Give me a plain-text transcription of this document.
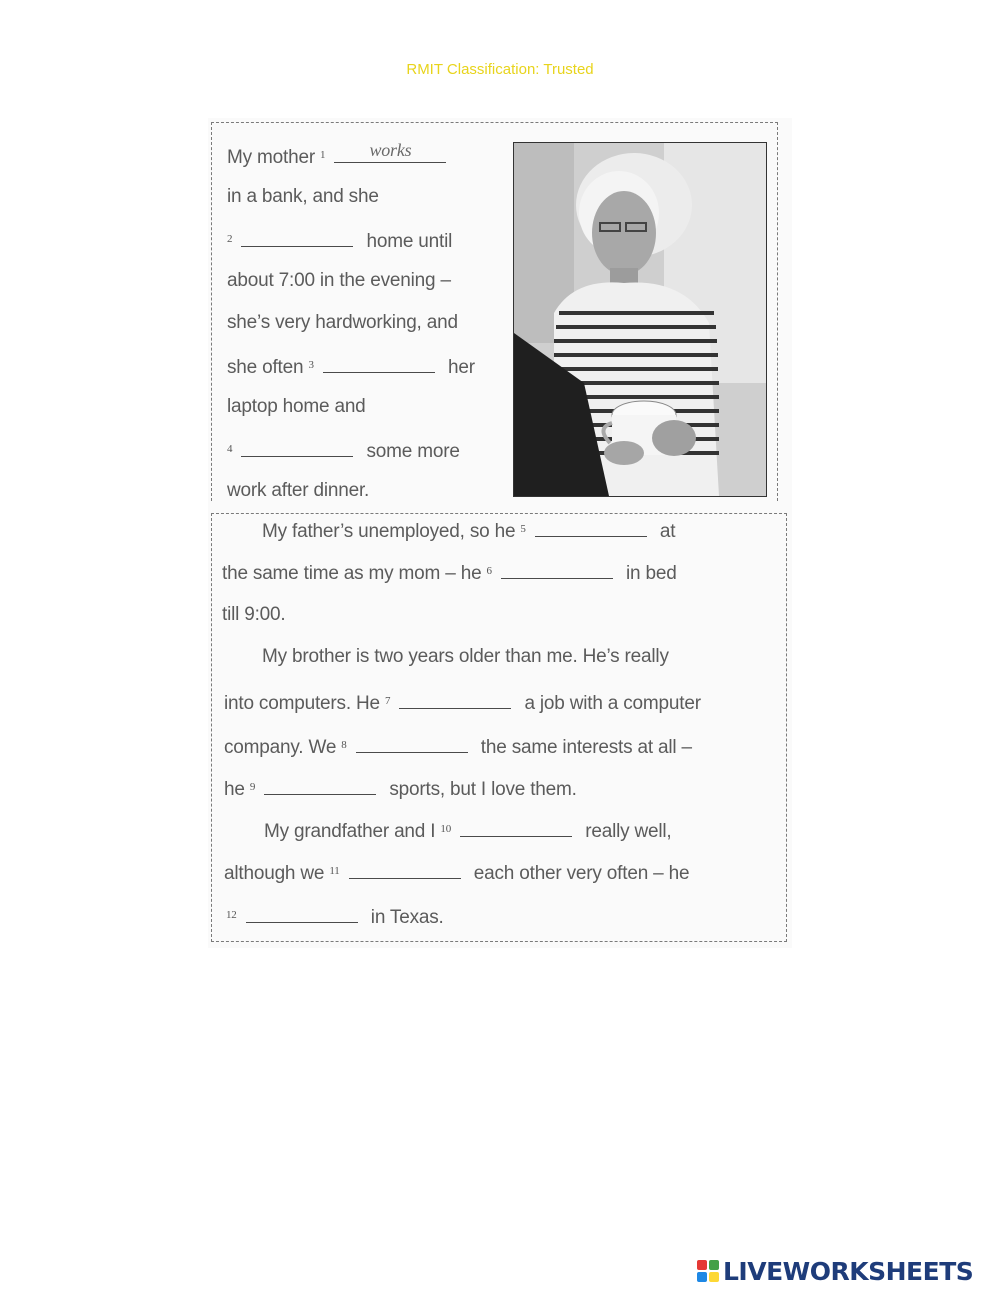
RMIT Classification: Trusted
My mother $^1$	works
in a bank, and she
$^2$	home until
about 7:00 in the evening –
she’s very hardworking, and
she often $^3$	her
laptop home and
$^4$	some more
work after dinner.
My father’s unemployed, so he $^5$	at
the same time as my mom – he $^6$	in bed
till 9:00.
My brother is two years older than me. He’s really
into computers. He $^7$	a job with a computer
company. We $^8$	the same interests at all –
he $^9$	sports, but I love them.
My grandfather and I $^{10}$	really well,
although we $^{11}$	each other very often – he
$^{12}$	in Texas.
LIVEWORKSHEETS
